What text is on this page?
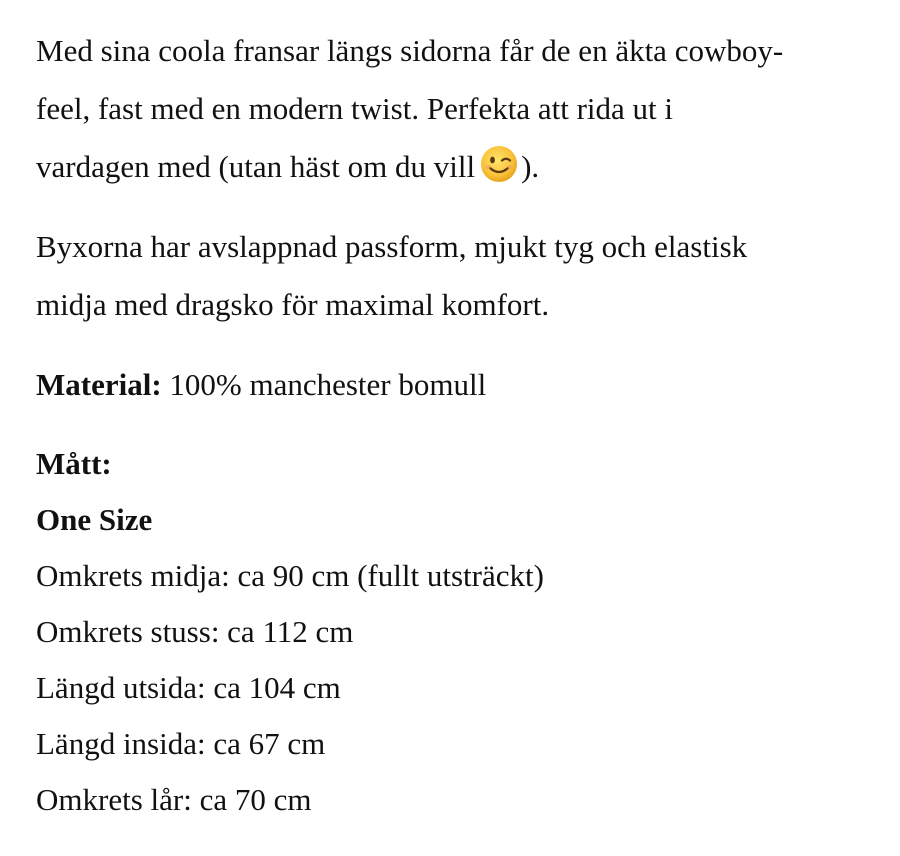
Med sina coola fransar längs sidorna får de en äkta cowboy-
feel, fast med en modern twist. Perfekta att rida ut i
vardagen med (utan häst om du vill ).

Byxorna har avslappnad passform, mjukt tyg och elastisk
midja med dragsko för maximal komfort.

Material: 100% manchester bomull

Mått:
One Size
Omkrets midja: ca 90 cm (fullt utsträckt)
Omkrets stuss: ca 112 cm
Längd utsida: ca 104 cm
Längd insida: ca 67 cm
Omkrets lår: ca 70 cm
